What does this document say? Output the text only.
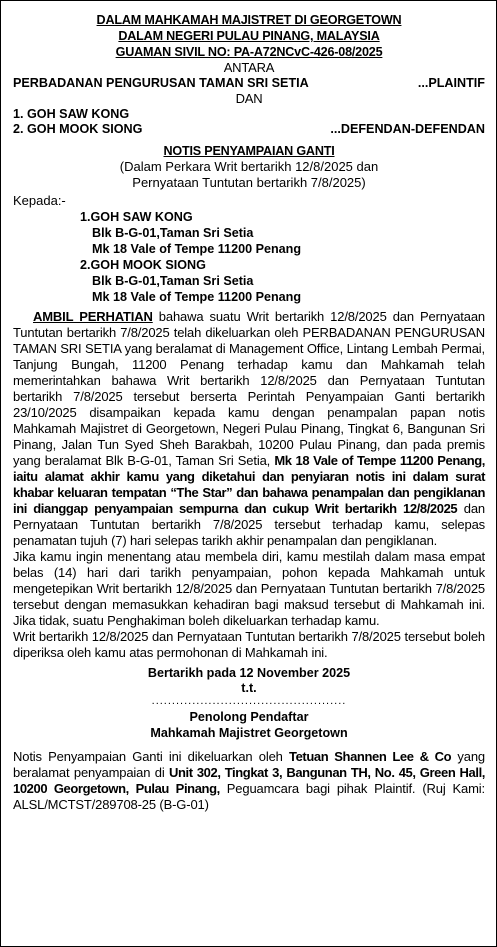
DALAM MAHKAMAH MAJISTRET DI GEORGETOWN
DALAM NEGERI PULAU PINANG, MALAYSIA
GUAMAN SIVIL NO: PA-A72NCvC-426-08/2025
ANTARA
PERBADANAN PENGURUSAN TAMAN SRI SETIA	...PLAINTIF
DAN
1. GOH SAW KONG
2. GOH MOOK SIONG	...DEFENDAN-DEFENDAN
NOTIS PENYAMPAIAN GANTI
(Dalam Perkara Writ bertarikh 12/8/2025 dan
Pernyataan Tuntutan bertarikh 7/8/2025)
Kepada:-
1.GOH SAW KONG
Blk B-G-01,Taman Sri Setia
Mk 18 Vale of Tempe 11200 Penang
2.GOH MOOK SIONG
Blk B-G-01,Taman Sri Setia
Mk 18 Vale of Tempe 11200 Penang

AMBIL PERHATIAN bahawa suatu Writ bertarikh 12/8/2025 dan Pernyataan Tuntutan bertarikh 7/8/2025 telah dikeluarkan oleh PERBADANAN PENGURUSAN TAMAN SRI SETIA yang beralamat di Management Office, Lintang Lembah Permai, Tanjung Bungah, 11200 Penang terhadap kamu dan Mahkamah telah memerintahkan bahawa Writ bertarikh 12/8/2025 dan Pernyataan Tuntutan bertarikh 7/8/2025 tersebut berserta Perintah Penyampaian Ganti bertarikh 23/10/2025 disampaikan kepada kamu dengan penampalan papan notis Mahkamah Majistret di Georgetown, Negeri Pulau Pinang, Tingkat 6, Bangunan Sri Pinang, Jalan Tun Syed Sheh Barakbah, 10200 Pulau Pinang, dan pada premis yang beralamat Blk B-G-01, Taman Sri Setia, Mk 18 Vale of Tempe 11200 Penang, iaitu alamat akhir kamu yang diketahui dan penyiaran notis ini dalam surat khabar keluaran tempatan “The Star” dan bahawa penampalan dan pengiklanan ini dianggap penyampaian sempurna dan cukup Writ bertarikh 12/8/2025 dan Pernyataan Tuntutan bertarikh 7/8/2025 tersebut terhadap kamu, selepas penamatan tujuh (7) hari selepas tarikh akhir penampalan dan pengiklanan.

Jika kamu ingin menentang atau membela diri, kamu mestilah dalam masa empat belas (14) hari dari tarikh penyampaian, pohon kepada Mahkamah untuk mengetepikan Writ bertarikh 12/8/2025 dan Pernyataan Tuntutan bertarikh 7/8/2025 tersebut dengan memasukkan kehadiran bagi maksud tersebut di Mahkamah ini. Jika tidak, suatu Penghakiman boleh dikeluarkan terhadap kamu.

Writ bertarikh 12/8/2025 dan Pernyataan Tuntutan bertarikh 7/8/2025 tersebut boleh diperiksa oleh kamu atas permohonan di Mahkamah ini.

Bertarikh pada 12 November 2025
t.t.
................................................
Penolong Pendaftar
Mahkamah Majistret Georgetown

Notis Penyampaian Ganti ini dikeluarkan oleh Tetuan Shannen Lee & Co yang beralamat penyampaian di Unit 302, Tingkat 3, Bangunan TH, No. 45, Green Hall, 10200 Georgetown, Pulau Pinang, Peguamcara bagi pihak Plaintif. (Ruj Kami: ALSL/MCTST/289708-25 (B-G-01)
